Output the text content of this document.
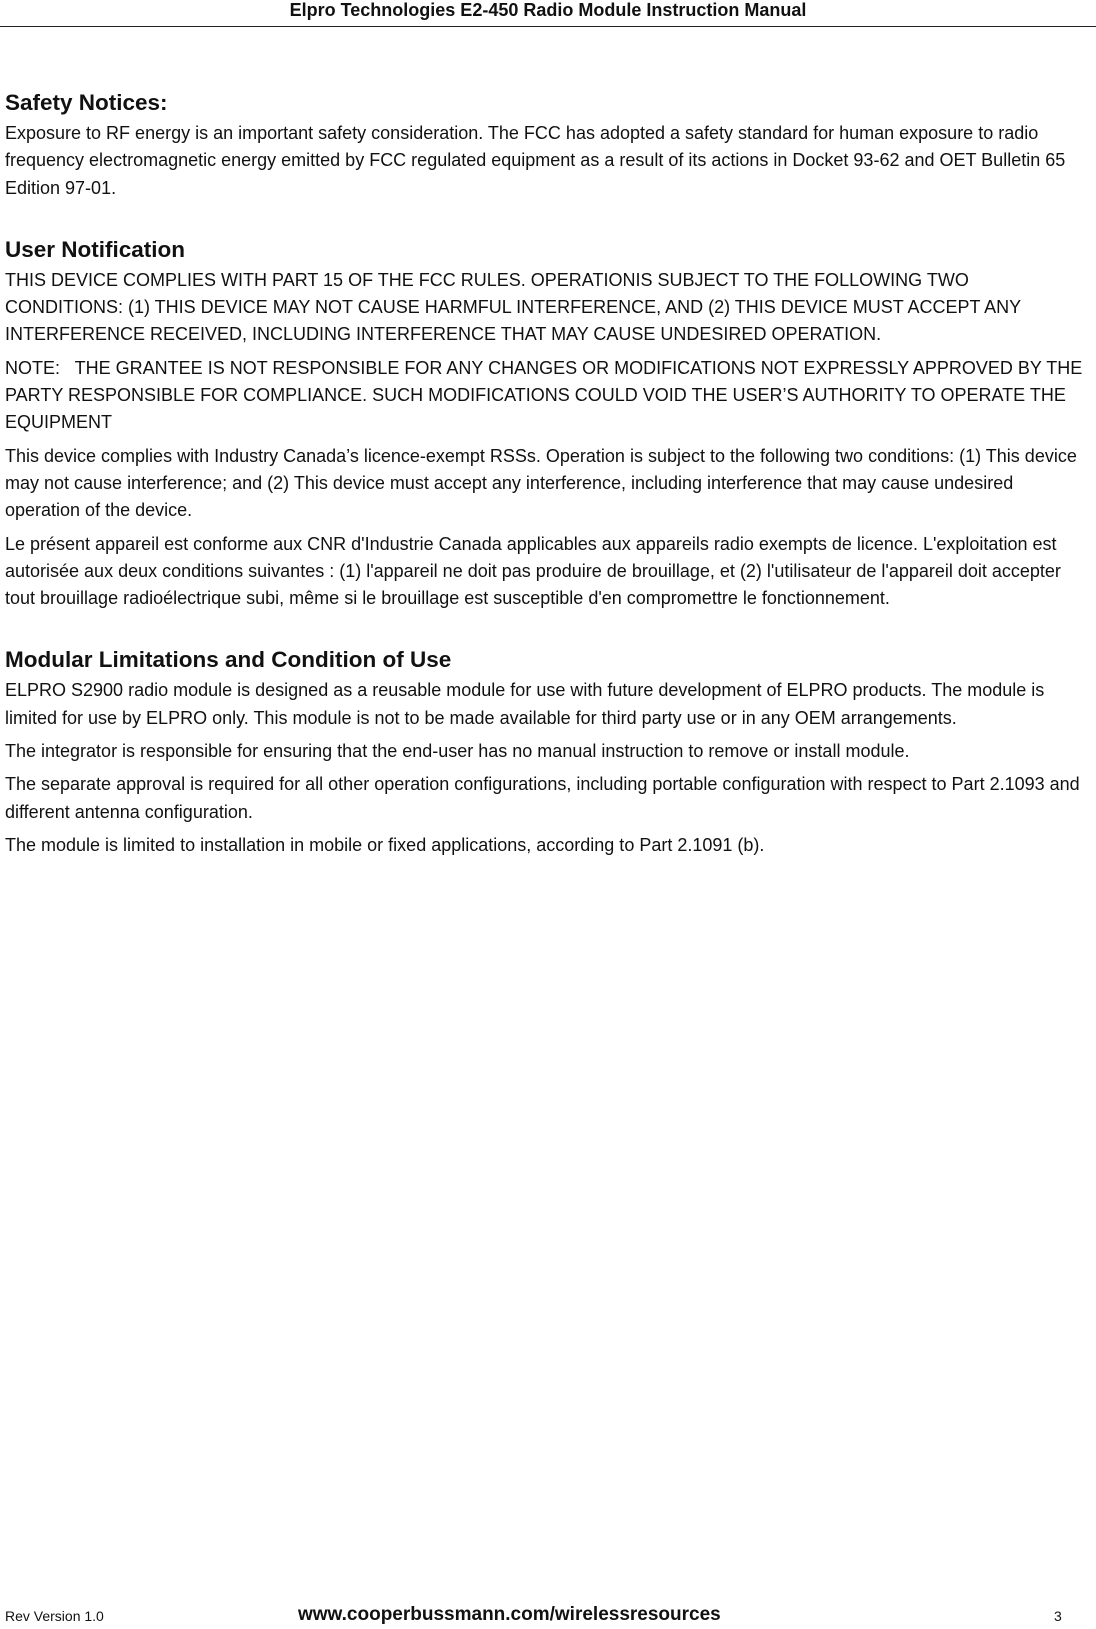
Elpro Technologies E2-450 Radio Module Instruction Manual
Safety Notices:

Exposure to RF energy is an important safety consideration. The FCC has adopted a safety standard for human exposure to radio frequency electromagnetic energy emitted by FCC regulated equipment as a result of its actions in Docket 93-62 and OET Bulletin 65 Edition 97-01.

User Notification

THIS DEVICE COMPLIES WITH PART 15 OF THE FCC RULES. OPERATIONIS SUBJECT TO THE FOLLOWING TWO CONDITIONS: (1) THIS DEVICE MAY NOT CAUSE HARMFUL INTERFERENCE, AND (2) THIS DEVICE MUST ACCEPT ANY INTERFERENCE RECEIVED, INCLUDING INTERFERENCE THAT MAY CAUSE UNDESIRED OPERATION.

NOTE:   THE GRANTEE IS NOT RESPONSIBLE FOR ANY CHANGES OR MODIFICATIONS NOT EXPRESSLY APPROVED BY THE PARTY RESPONSIBLE FOR COMPLIANCE. SUCH MODIFICATIONS COULD VOID THE USER’S AUTHORITY TO OPERATE THE EQUIPMENT

This device complies with Industry Canada’s licence-exempt RSSs. Operation is subject to the following two conditions: (1) This device may not cause interference; and (2) This device must accept any interference, including interference that may cause undesired operation of the device.

Le présent appareil est conforme aux CNR d'Industrie Canada applicables aux appareils radio exempts de licence. L'exploitation est autorisée aux deux conditions suivantes : (1) l'appareil ne doit pas produire de brouillage, et (2) l'utilisateur de l'appareil doit accepter tout brouillage radioélectrique subi, même si le brouillage est susceptible d'en compromettre le fonctionnement.

Modular Limitations and Condition of Use

ELPRO S2900 radio module is designed as a reusable module for use with future development of ELPRO products. The module is limited for use by ELPRO only. This module is not to be made available for third party use or in any OEM arrangements.

The integrator is responsible for ensuring that the end-user has no manual instruction to remove or install module.

The separate approval is required for all other operation configurations, including portable configuration with respect to Part 2.1093 and different antenna configuration.

The module is limited to installation in mobile or fixed applications, according to Part 2.1091 (b).

Rev Version 1.0	www.cooperbussmann.com/wirelessresources	3
